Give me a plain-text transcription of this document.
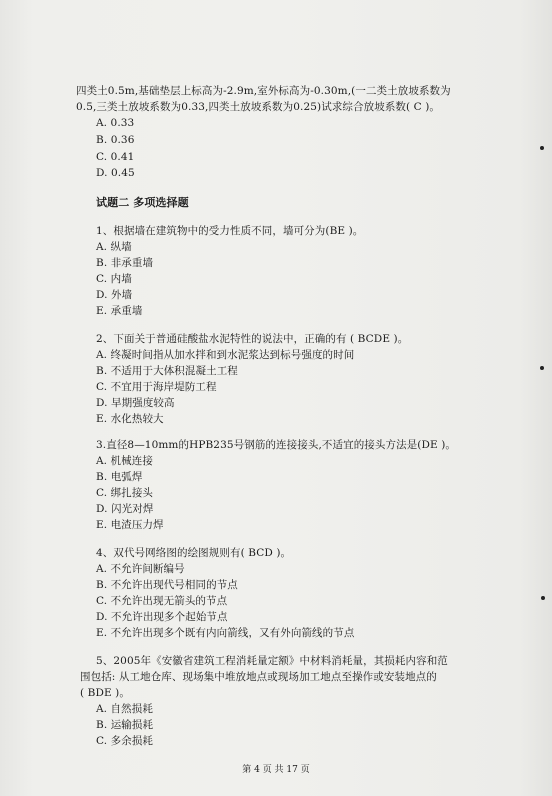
四类土0.5m,基础垫层上标高为-2.9m,室外标高为-0.30m,(一二类土放坡系数为
0.5,三类土放坡系数为0.33,四类土放坡系数为0.25)试求综合放坡系数( C )。
A. 0.33
B. 0.36
C. 0.41
D. 0.45
试题二 多项选择题
1、根据墙在建筑物中的受力性质不同，墙可分为(BE )。
A. 纵墙
B. 非承重墙
C. 内墙
D. 外墙
E. 承重墙
2、下面关于普通硅酸盐水泥特性的说法中，正确的有 ( BCDE )。
A. 终凝时间指从加水拌和到水泥浆达到标号强度的时间
B. 不适用于大体积混凝土工程
C. 不宜用于海岸堤防工程
D. 早期强度较高
E. 水化热较大
3.直径8—10mm的HPB235号钢筋的连接接头,不适宜的接头方法是(DE )。
A. 机械连接
B. 电弧焊
C. 绑扎接头
D. 闪光对焊
E. 电渣压力焊
4、双代号网络图的绘图规则有( BCD )。
A. 不允许间断编号
B. 不允许出现代号相同的节点
C. 不允许出现无箭头的节点
D. 不允许出现多个起始节点
E. 不允许出现多个既有内向箭线，又有外向箭线的节点
5、2005年《安徽省建筑工程消耗量定额》中材料消耗量，其损耗内容和范
围包括: 从工地仓库、现场集中堆放地点或现场加工地点至操作或安装地点的
( BDE )。
A. 自然损耗
B. 运输损耗
C. 多余损耗
第 4 页 共 17 页
